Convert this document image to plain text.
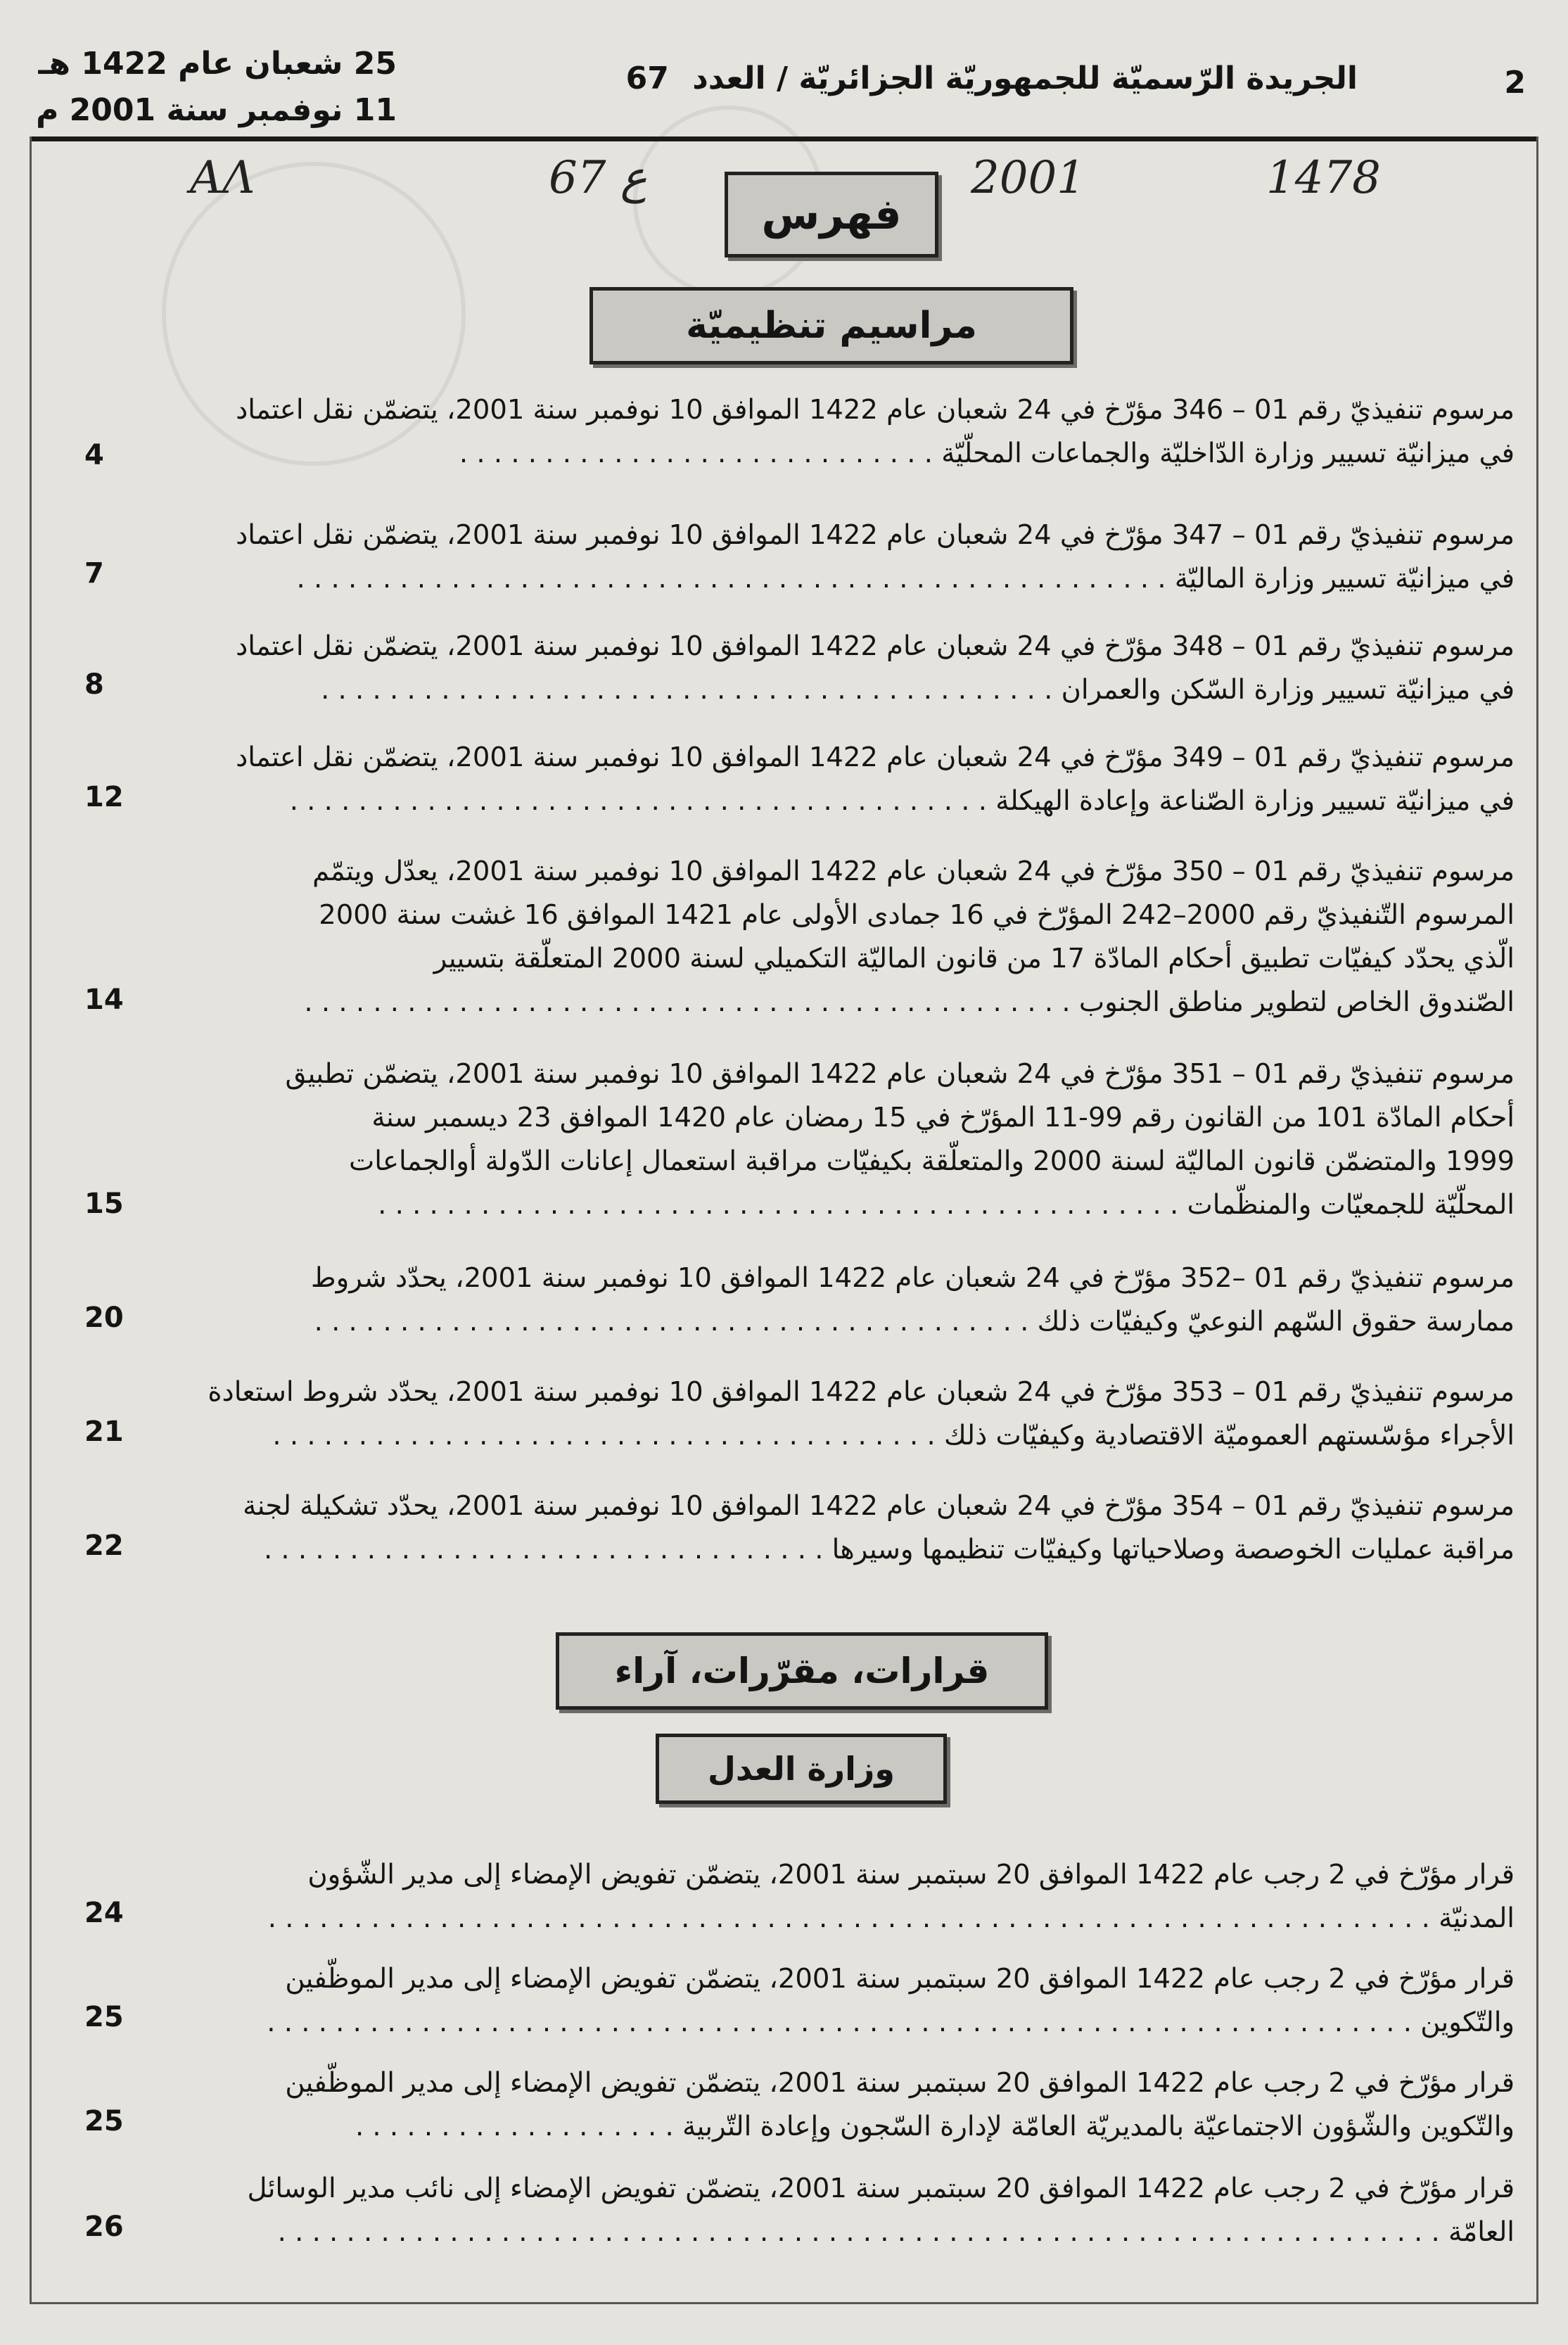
25 شعبان عام 1422 هـ
11 نوفمبر سنة 2001 م
الجريدة الرّسميّة للجمهوريّة الجزائريّة / العدد 67	2
ΑΛ	67 ع	2001	1478
فهرس
مراسيم تنظيميّة
مرسوم تنفيذيّ رقم 01 – 346 مؤرّخ في 24 شعبان عام 1422 الموافق 10 نوفمبر سنة 2001، يتضمّن نقل اعتماد
في ميزانيّة تسيير وزارة الدّاخليّة والجماعات المحلّيّة . . . . . . . . . . . . . . . . . . . . . . . . . . . .
4
مرسوم تنفيذيّ رقم 01 – 347 مؤرّخ في 24 شعبان عام 1422 الموافق 10 نوفمبر سنة 2001، يتضمّن نقل اعتماد
في ميزانيّة تسيير وزارة الماليّة . . . . . . . . . . . . . . . . . . . . . . . . . . . . . . . . . . . . . . . . . . . . . . . . . . .
7
مرسوم تنفيذيّ رقم 01 – 348 مؤرّخ في 24 شعبان عام 1422 الموافق 10 نوفمبر سنة 2001، يتضمّن نقل اعتماد
في ميزانيّة تسيير وزارة السّكن والعمران . . . . . . . . . . . . . . . . . . . . . . . . . . . . . . . . . . . . . . . . . . .
8
مرسوم تنفيذيّ رقم 01 – 349 مؤرّخ في 24 شعبان عام 1422 الموافق 10 نوفمبر سنة 2001، يتضمّن نقل اعتماد
في ميزانيّة تسيير وزارة الصّناعة وإعادة الهيكلة . . . . . . . . . . . . . . . . . . . . . . . . . . . . . . . . . . . . . . . . .
12
مرسوم تنفيذيّ رقم 01 – 350 مؤرّخ في 24 شعبان عام 1422 الموافق 10 نوفمبر سنة 2001، يعدّل ويتمّم
المرسوم التّنفيذيّ رقم 2000–242 المؤرّخ في 16 جمادى الأولى عام 1421 الموافق 16 غشت سنة 2000
الّذي يحدّد كيفيّات تطبيق أحكام المادّة 17 من قانون الماليّة التكميلي لسنة 2000 المتعلّقة بتسيير
الصّندوق الخاص لتطوير مناطق الجنوب . . . . . . . . . . . . . . . . . . . . . . . . . . . . . . . . . . . . . . . . . . . . .
14
مرسوم تنفيذيّ رقم 01 – 351 مؤرّخ في 24 شعبان عام 1422 الموافق 10 نوفمبر سنة 2001، يتضمّن تطبيق
أحكام المادّة 101 من القانون رقم 99-11 المؤرّخ في 15 رمضان عام 1420 الموافق 23 ديسمبر سنة
1999 والمتضمّن قانون الماليّة لسنة 2000 والمتعلّقة بكيفيّات مراقبة استعمال إعانات الدّولة أوالجماعات
المحلّيّة للجمعيّات والمنظّمات . . . . . . . . . . . . . . . . . . . . . . . . . . . . . . . . . . . . . . . . . . . . . . .
15
مرسوم تنفيذيّ رقم 01 –352 مؤرّخ في 24 شعبان عام 1422 الموافق 10 نوفمبر سنة 2001، يحدّد شروط
ممارسة حقوق السّهم النوعيّ وكيفيّات ذلك . . . . . . . . . . . . . . . . . . . . . . . . . . . . . . . . . . . . . . . . . .
20
مرسوم تنفيذيّ رقم 01 – 353 مؤرّخ في 24 شعبان عام 1422 الموافق 10 نوفمبر سنة 2001، يحدّد شروط استعادة
الأجراء مؤسّستهم العموميّة الاقتصادية وكيفيّات ذلك . . . . . . . . . . . . . . . . . . . . . . . . . . . . . . . . . . . . . . .
21
مرسوم تنفيذيّ رقم 01 – 354 مؤرّخ في 24 شعبان عام 1422 الموافق 10 نوفمبر سنة 2001، يحدّد تشكيلة لجنة
مراقبة عمليات الخوصصة وصلاحياتها وكيفيّات تنظيمها وسيرها . . . . . . . . . . . . . . . . . . . . . . . . . . . . . . . . .
22
قرارات، مقرّرات، آراء
وزارة العدل
قرار مؤرّخ في 2 رجب عام 1422 الموافق 20 سبتمبر سنة 2001، يتضمّن تفويض الإمضاء إلى مدير الشّؤون
المدنيّة . . . . . . . . . . . . . . . . . . . . . . . . . . . . . . . . . . . . . . . . . . . . . . . . . . . . . . . . . . . . . . . . . . . .
24
قرار مؤرّخ في 2 رجب عام 1422 الموافق 20 سبتمبر سنة 2001، يتضمّن تفويض الإمضاء إلى مدير الموظّفين
والتّكوين . . . . . . . . . . . . . . . . . . . . . . . . . . . . . . . . . . . . . . . . . . . . . . . . . . . . . . . . . . . . . . . . . . .
25
قرار مؤرّخ في 2 رجب عام 1422 الموافق 20 سبتمبر سنة 2001، يتضمّن تفويض الإمضاء إلى مدير الموظّفين
والتّكوين والشّؤون الاجتماعيّة بالمديريّة العامّة لإدارة السّجون وإعادة التّربية . . . . . . . . . . . . . . . . . . .
25
قرار مؤرّخ في 2 رجب عام 1422 الموافق 20 سبتمبر سنة 2001، يتضمّن تفويض الإمضاء إلى نائب مدير الوسائل
العامّة . . . . . . . . . . . . . . . . . . . . . . . . . . . . . . . . . . . . . . . . . . . . . . . . . . . . . . . . . . . . . . . . . . . .
26
